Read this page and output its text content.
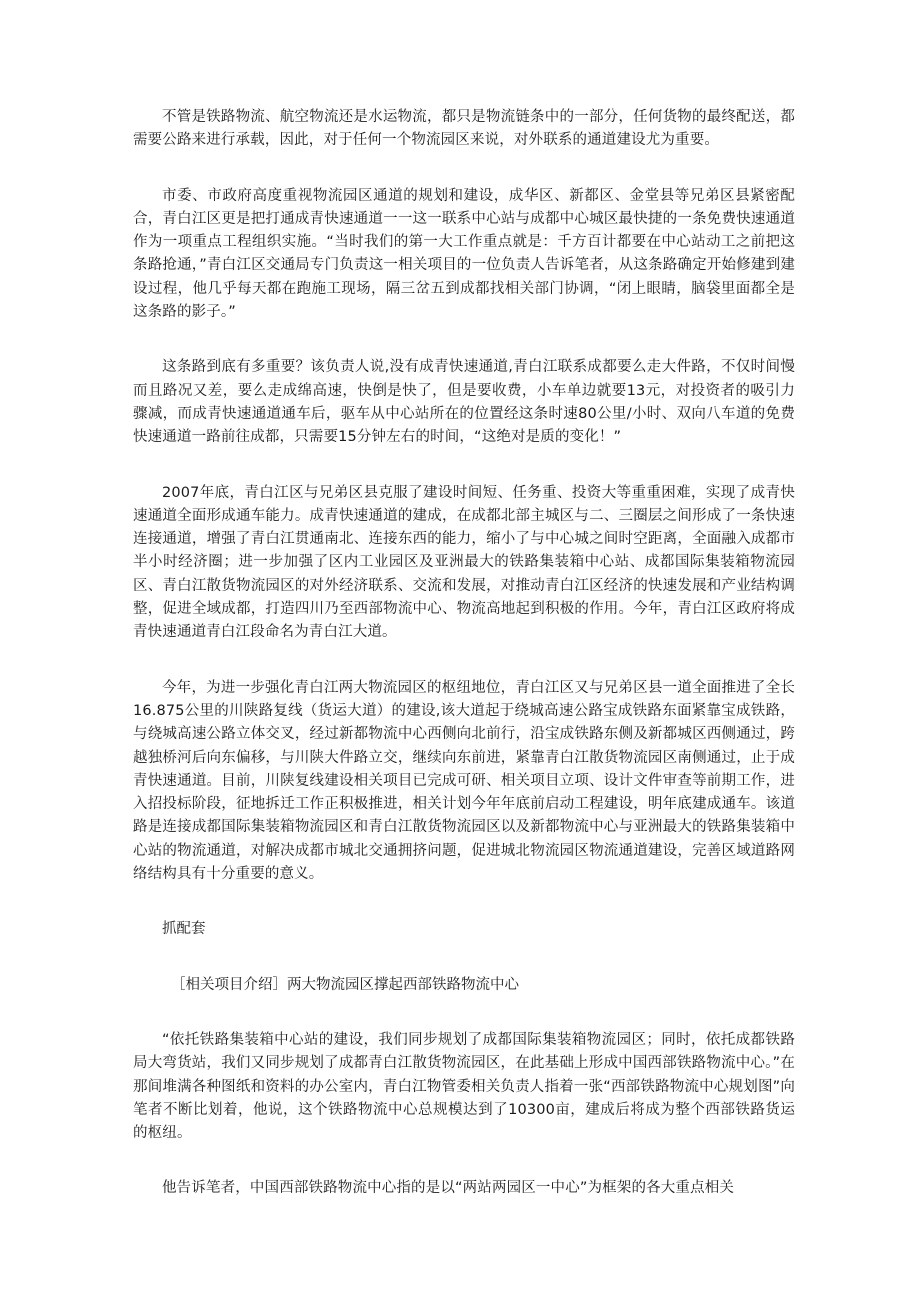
不管是铁路物流、航空物流还是水运物流，都只是物流链条中的一部分，任何货物的最终配送，都需要公路来进行承载，因此，对于任何一个物流园区来说，对外联系的通道建设尤为重要。

市委、市政府高度重视物流园区通道的规划和建设，成华区、新都区、金堂县等兄弟区县紧密配合，青白江区更是把打通成青快速通道一一这一联系中心站与成都中心城区最快捷的一条免费快速通道作为一项重点工程组织实施。“当时我们的第一大工作重点就是：千方百计都要在中心站动工之前把这条路抢通，”青白江区交通局专门负责这一相关项目的一位负责人告诉笔者，从这条路确定开始修建到建设过程，他几乎每天都在跑施工现场，隔三岔五到成都找相关部门协调，“闭上眼睛，脑袋里面都全是这条路的影子。”

这条路到底有多重要？该负责人说,没有成青快速通道,青白江联系成都要么走大件路，不仅时间慢而且路况又差，要么走成绵高速，快倒是快了，但是要收费，小车单边就要13元，对投资者的吸引力骤减，而成青快速通道通车后，驱车从中心站所在的位置经这条时速80公里/小时、双向八车道的免费快速通道一路前往成都，只需要15分钟左右的时间，“这绝对是质的变化！”

2007年底，青白江区与兄弟区县克服了建设时间短、任务重、投资大等重重困难，实现了成青快速通道全面形成通车能力。成青快速通道的建成，在成都北部主城区与二、三圈层之间形成了一条快速连接通道，增强了青白江贯通南北、连接东西的能力，缩小了与中心城之间时空距离，全面融入成都市半小时经济圈；进一步加强了区内工业园区及亚洲最大的铁路集装箱中心站、成都国际集装箱物流园区、青白江散货物流园区的对外经济联系、交流和发展，对推动青白江区经济的快速发展和产业结构调整，促进全域成都，打造四川乃至西部物流中心、物流高地起到积极的作用。今年，青白江区政府将成青快速通道青白江段命名为青白江大道。

今年，为进一步强化青白江两大物流园区的枢纽地位，青白江区又与兄弟区县一道全面推进了全长16.875公里的川陕路复线（货运大道）的建设,该大道起于绕城高速公路宝成铁路东面紧靠宝成铁路，与绕城高速公路立体交叉，经过新都物流中心西侧向北前行，沿宝成铁路东侧及新都城区西侧通过，跨越独桥河后向东偏移，与川陕大件路立交，继续向东前进，紧靠青白江散货物流园区南侧通过，止于成青快速通道。目前，川陕复线建设相关项目已完成可研、相关项目立项、设计文件审查等前期工作，进入招投标阶段，征地拆迁工作正积极推进，相关计划今年年底前启动工程建设，明年底建成通车。该道路是连接成都国际集装箱物流园区和青白江散货物流园区以及新都物流中心与亚洲最大的铁路集装箱中心站的物流通道，对解决成都市城北交通拥挤问题，促进城北物流园区物流通道建设，完善区域道路网络结构具有十分重要的意义。

抓配套

［相关项目介绍］两大物流园区撑起西部铁路物流中心

“依托铁路集装箱中心站的建设，我们同步规划了成都国际集装箱物流园区；同时，依托成都铁路局大弯货站，我们又同步规划了成都青白江散货物流园区，在此基础上形成中国西部铁路物流中心。”在那间堆满各种图纸和资料的办公室内，青白江物管委相关负责人指着一张“西部铁路物流中心规划图”向笔者不断比划着，他说，这个铁路物流中心总规模达到了10300亩，建成后将成为整个西部铁路货运的枢纽。

他告诉笔者，中国西部铁路物流中心指的是以“两站两园区一中心”为框架的各大重点相关
